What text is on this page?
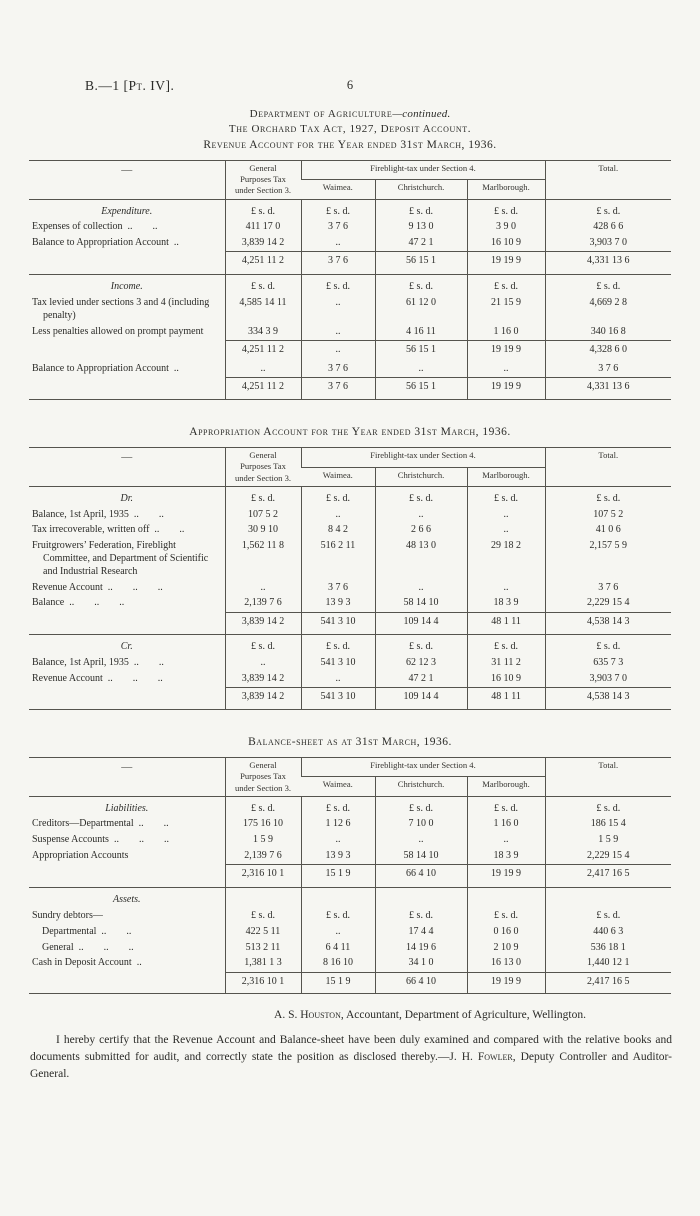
B.—1 [Pt. IV].	6
Department of Agriculture—continued.
The Orchard Tax Act, 1927, Deposit Account.
Revenue Account for the Year ended 31st March, 1936.
—	General Purposes Tax under Section 3.	Fireblight-tax under Section 4.			Total.
		Waimea.	Christchurch.	Marlborough.	
Expenditure.	£ s. d.	£ s. d.	£ s. d.	£ s. d.	£ s. d.
Expenses of collection ..  ..	411 17 0	3 7 6	9 13 0	3 9 0	428 6 6
Balance to Appropriation Account ..	3,839 14 2	..	47 2 1	16 10 9	3,903 7 0
	4,251 11 2	3 7 6	56 15 1	19 19 9	4,331 13 6
Income.	£ s. d.	£ s. d.	£ s. d.	£ s. d.	£ s. d.
Tax levied under sections 3 and 4 (including penalty)	4,585 14 11	..	61 12 0	21 15 9	4,669 2 8
Less penalties allowed on prompt payment	334 3 9	..	4 16 11	1 16 0	340 16 8
	4,251 11 2	..	56 15 1	19 19 9	4,328 6 0
Balance to Appropriation Account ..	..	3 7 6	..	..	3 7 6
	4,251 11 2	3 7 6	56 15 1	19 19 9	4,331 13 6
Appropriation Account for the Year ended 31st March, 1936.
—	General Purposes Tax under Section 3.	Fireblight-tax under Section 4.			Total.
		Waimea.	Christchurch.	Marlborough.	
Dr.	£ s. d.	£ s. d.	£ s. d.	£ s. d.	£ s. d.
Balance, 1st April, 1935 ..  ..	107 5 2	..	..	..	107 5 2
Tax irrecoverable, written off ..  ..	30 9 10	8 4 2	2 6 6	..	41 0 6
Fruitgrowers’ Federation, Fireblight Committee, and Department of Scientific and Industrial Research	1,562 11 8	516 2 11	48 13 0	29 18 2	2,157 5 9
Revenue Account ..  ..  ..	..	3 7 6	..	..	3 7 6
Balance ..  ..  ..	2,139 7 6	13 9 3	58 14 10	18 3 9	2,229 15 4
	3,839 14 2	541 3 10	109 14 4	48 1 11	4,538 14 3
Cr.	£ s. d.	£ s. d.	£ s. d.	£ s. d.	£ s. d.
Balance, 1st April, 1935 ..  ..	..	541 3 10	62 12 3	31 11 2	635 7 3
Revenue Account ..  ..  ..	3,839 14 2	..	47 2 1	16 10 9	3,903 7 0
	3,839 14 2	541 3 10	109 14 4	48 1 11	4,538 14 3
Balance-sheet as at 31st March, 1936.
—	General Purposes Tax under Section 3.	Fireblight-tax under Section 4.			Total.
		Waimea.	Christchurch.	Marlborough.	
Liabilities.	£ s. d.	£ s. d.	£ s. d.	£ s. d.	£ s. d.
Creditors—Departmental ..  ..	175 16 10	1 12 6	7 10 0	1 16 0	186 15 4
Suspense Accounts ..  ..  ..	1 5 9	..	..	..	1 5 9
Appropriation Accounts	2,139 7 6	13 9 3	58 14 10	18 3 9	2,229 15 4
	2,316 10 1	15 1 9	66 4 10	19 19 9	2,417 16 5
Assets.					
Sundry debtors—	£ s. d.	£ s. d.	£ s. d.	£ s. d.	£ s. d.
Departmental ..  ..	422 5 11	..	17 4 4	0 16 0	440 6 3
General ..  ..  ..	513 2 11	6 4 11	14 19 6	2 10 9	536 18 1
Cash in Deposit Account ..	1,381 1 3	8 16 10	34 1 0	16 13 0	1,440 12 1
	2,316 10 1	15 1 9	66 4 10	19 19 9	2,417 16 5
A. S. Houston, Accountant, Department of Agriculture, Wellington.

I hereby certify that the Revenue Account and Balance-sheet have been duly examined and compared with the relative books and documents submitted for audit, and correctly state the position as disclosed thereby.—J. H. Fowler, Deputy Controller and Auditor-General.
